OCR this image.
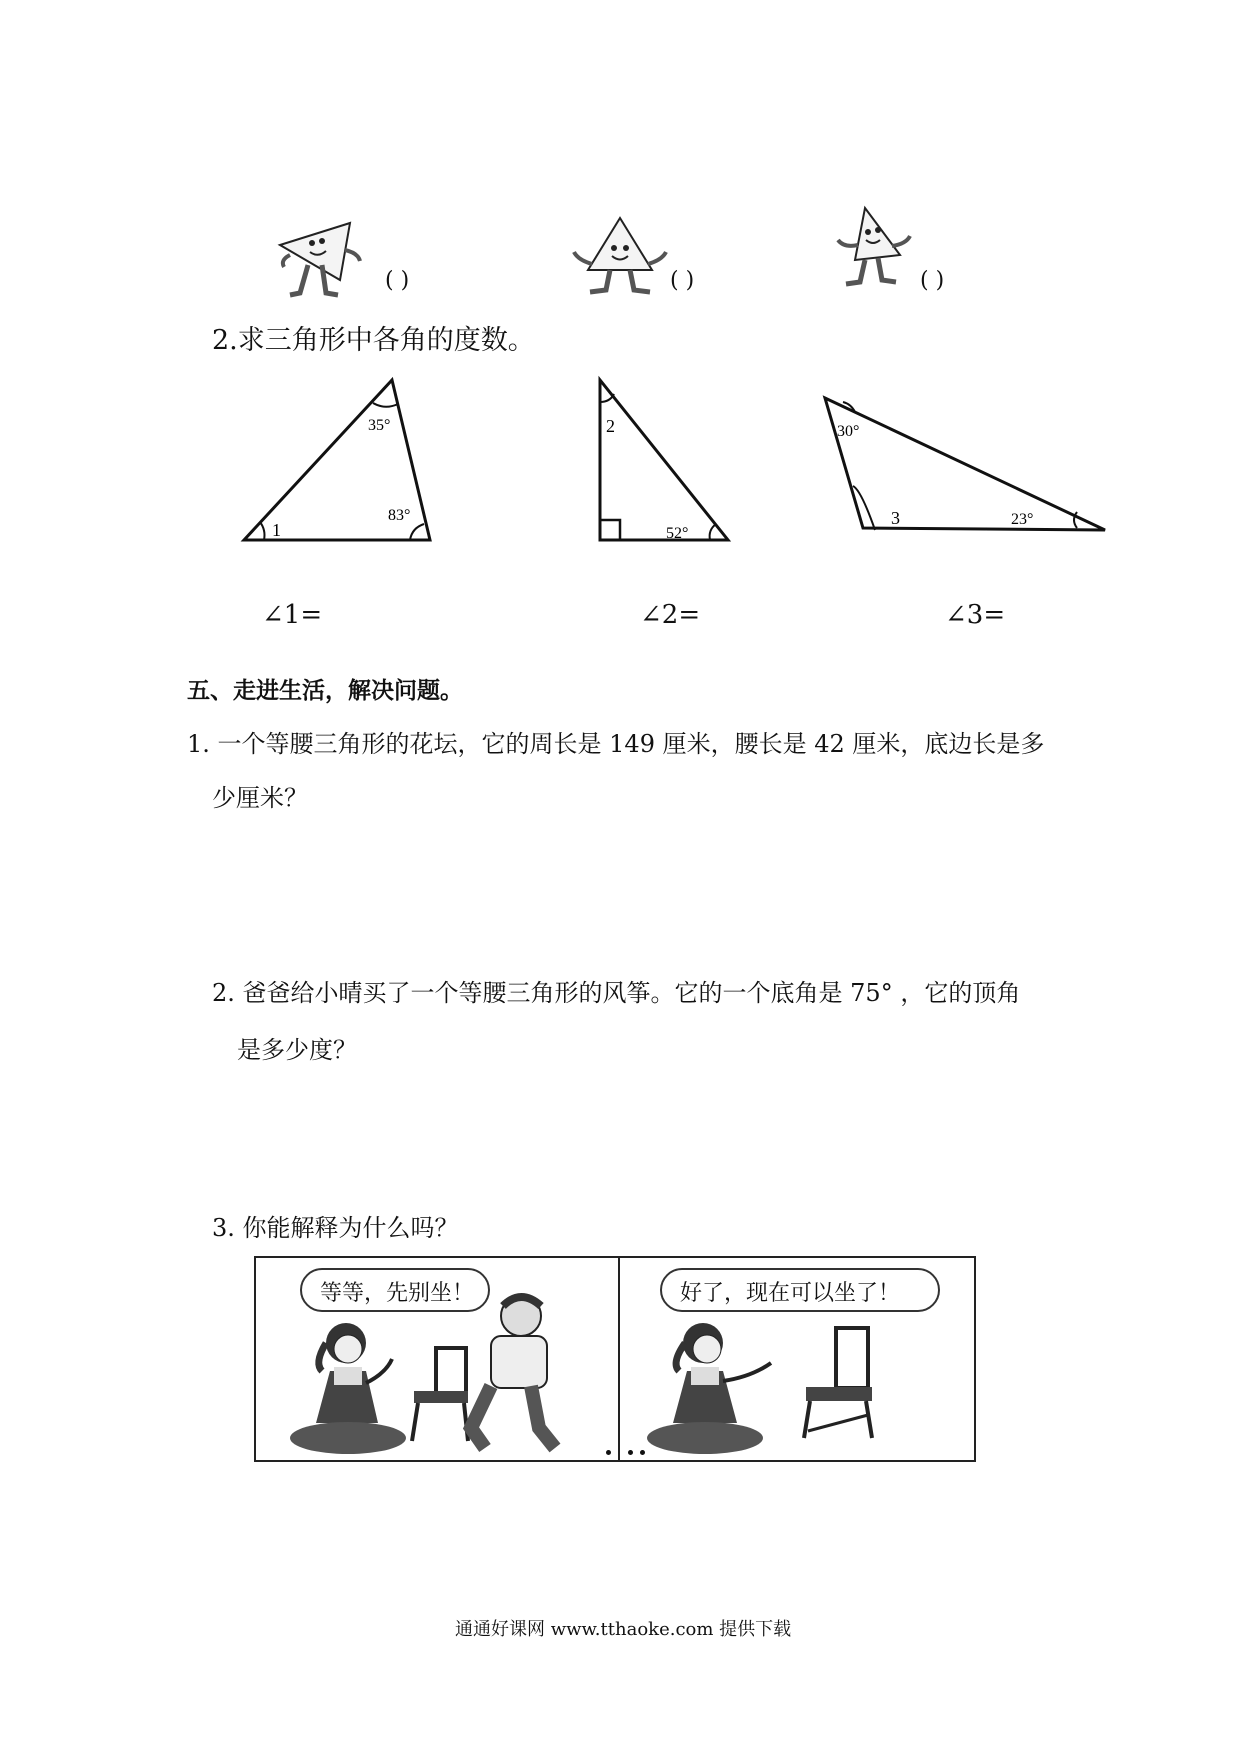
( )	( )	( )
2.求三角形中各角的度数。
35°
83°
1
2
52°
30°
3	23°
∠1=	∠2=	∠3=
五、走进生活，解决问题。
1. 一个等腰三角形的花坛，它的周长是 149 厘米，腰长是 42 厘米，底边长是多
少厘米？
2. 爸爸给小晴买了一个等腰三角形的风筝。它的一个底角是 75° ，它的顶角
是多少度？
3. 你能解释为什么吗？
等等，先别坐！	好了，现在可以坐了！
通通好课网 www.tthaoke.com 提供下载
